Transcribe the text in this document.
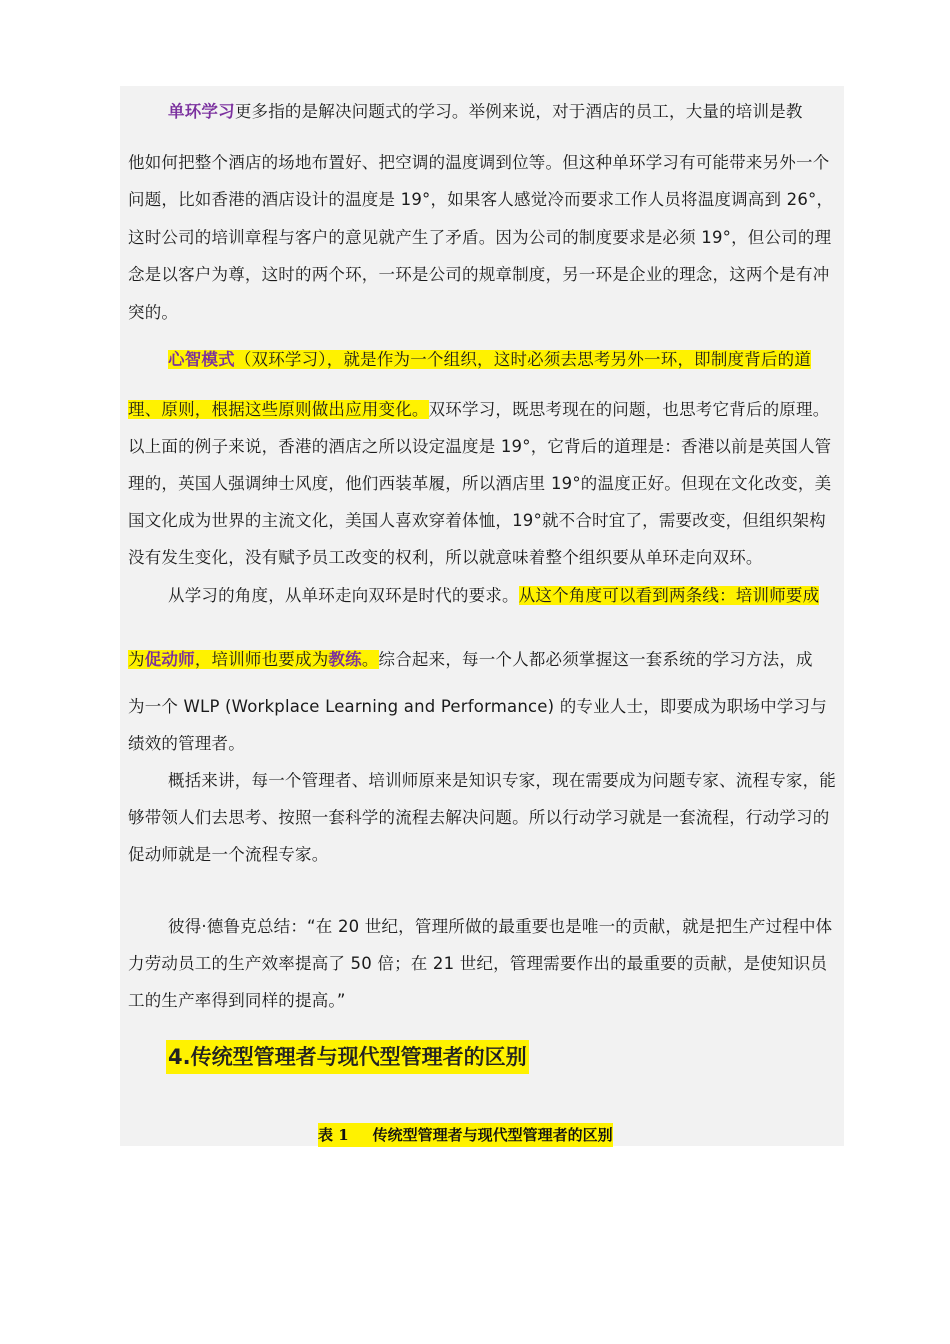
单环学习更多指的是解决问题式的学习。举例来说，对于酒店的员工，大量的培训是教

他如何把整个酒店的场地布置好、把空调的温度调到位等。但这种单环学习有可能带来另外一个问题，比如香港的酒店设计的温度是 19°，如果客人感觉冷而要求工作人员将温度调高到 26°，这时公司的培训章程与客户的意见就产生了矛盾。因为公司的制度要求是必须 19°，但公司的理念是以客户为尊，这时的两个环，一环是公司的规章制度，另一环是企业的理念，这两个是有冲突的。

心智模式（双环学习），就是作为一个组织，这时必须去思考另外一环，即制度背后的道

理、原则，根据这些原则做出应用变化。双环学习，既思考现在的问题，也思考它背后的原理。以上面的例子来说，香港的酒店之所以设定温度是 19°，它背后的道理是：香港以前是英国人管理的，英国人强调绅士风度，他们西装革履，所以酒店里 19°的温度正好。但现在文化改变，美国文化成为世界的主流文化，美国人喜欢穿着体恤，19°就不合时宜了，需要改变，但组织架构没有发生变化，没有赋予员工改变的权利，所以就意味着整个组织要从单环走向双环。

从学习的角度，从单环走向双环是时代的要求。从这个角度可以看到两条线：培训师要成

为促动师，培训师也要成为教练。综合起来，每一个人都必须掌握这一套系统的学习方法，成

为一个 WLP (Workplace Learning and Performance) 的专业人士，即要成为职场中学习与绩效的管理者。

概括来讲，每一个管理者、培训师原来是知识专家，现在需要成为问题专家、流程专家，能够带领人们去思考、按照一套科学的流程去解决问题。所以行动学习就是一套流程，行动学习的促动师就是一个流程专家。

彼得·德鲁克总结：“在 20 世纪，管理所做的最重要也是唯一的贡献，就是把生产过程中体力劳动员工的生产效率提高了 50 倍；在 21 世纪，管理需要作出的最重要的贡献，是使知识员工的生产率得到同样的提高。”

4.传统型管理者与现代型管理者的区别

表 1 传统型管理者与现代型管理者的区别
